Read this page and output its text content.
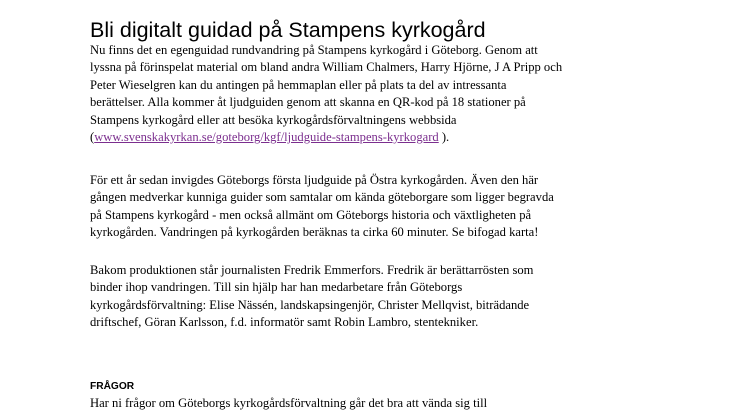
Bli digitalt guidad på Stampens kyrkogård

Nu finns det en egenguidad rundvandring på Stampens kyrkogård i Göteborg. Genom att
lyssna på förinspelat material om bland andra William Chalmers, Harry Hjörne, J A Pripp och
Peter Wieselgren kan du antingen på hemmaplan eller på plats ta del av intressanta
berättelser. Alla kommer åt ljudguiden genom att skanna en QR-kod på 18 stationer på
Stampens kyrkogård eller att besöka kyrkogårdsförvaltningens webbsida
(www.svenskakyrkan.se/goteborg/kgf/ljudguide-stampens-kyrkogard ).

För ett år sedan invigdes Göteborgs första ljudguide på Östra kyrkogården. Även den här
gången medverkar kunniga guider som samtalar om kända göteborgare som ligger begravda
på Stampens kyrkogård - men också allmänt om Göteborgs historia och växtligheten på
kyrkogården. Vandringen på kyrkogården beräknas ta cirka 60 minuter. Se bifogad karta!

Bakom produktionen står journalisten Fredrik Emmerfors. Fredrik är berättarrösten som
binder ihop vandringen. Till sin hjälp har han medarbetare från Göteborgs
kyrkogårdsförvaltning: Elise Nässén, landskapsingenjör, Christer Mellqvist, biträdande
driftschef, Göran Karlsson, f.d. informatör samt Robin Lambro, stentekniker.

FRÅGOR

Har ni frågor om Göteborgs kyrkogårdsförvaltning går det bra att vända sig till
